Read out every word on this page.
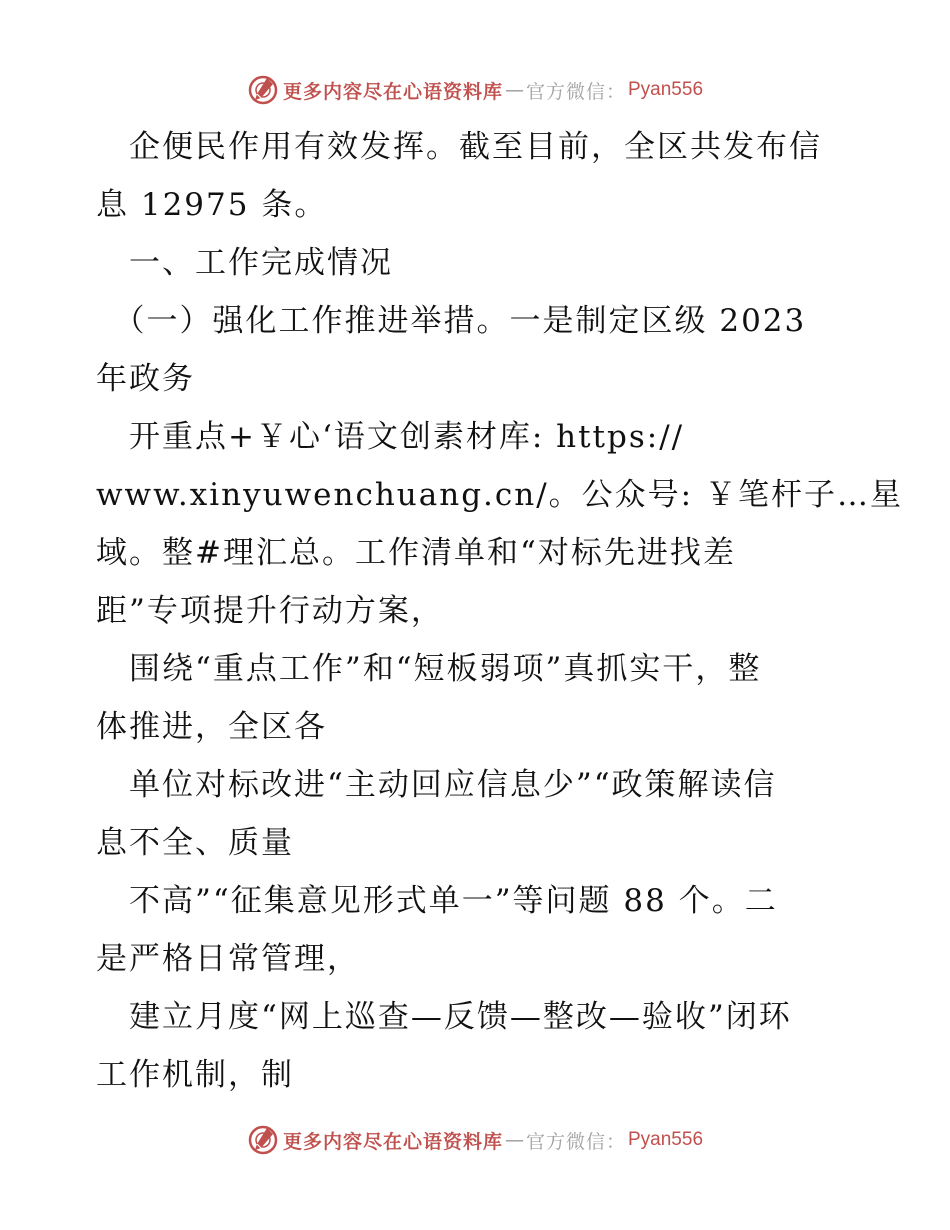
更多内容尽在心语资料库 — 官方微信： Pyan556
　企便民作用有效发挥。截至目前，全区共发布信
息 12975 条。
　一、工作完成情况
　（一）强化工作推进举措。一是制定区级 2023
年政务
　开重点+￥心‘语文创素材库: https://
www.xinyuwenchuang.cn/。公众号: ￥笔杆子…星
域。整#理汇总。工作清单和“对标先进找差
距”专项提升行动方案，
　围绕“重点工作”和“短板弱项”真抓实干，整
体推进，全区各
　单位对标改进“主动回应信息少”“政策解读信
息不全、质量
　不高”“征集意见形式单一”等问题 88 个。二
是严格日常管理，
　建立月度“网上巡查—反馈—整改—验收”闭环
工作机制，制
更多内容尽在心语资料库 — 官方微信： Pyan556
